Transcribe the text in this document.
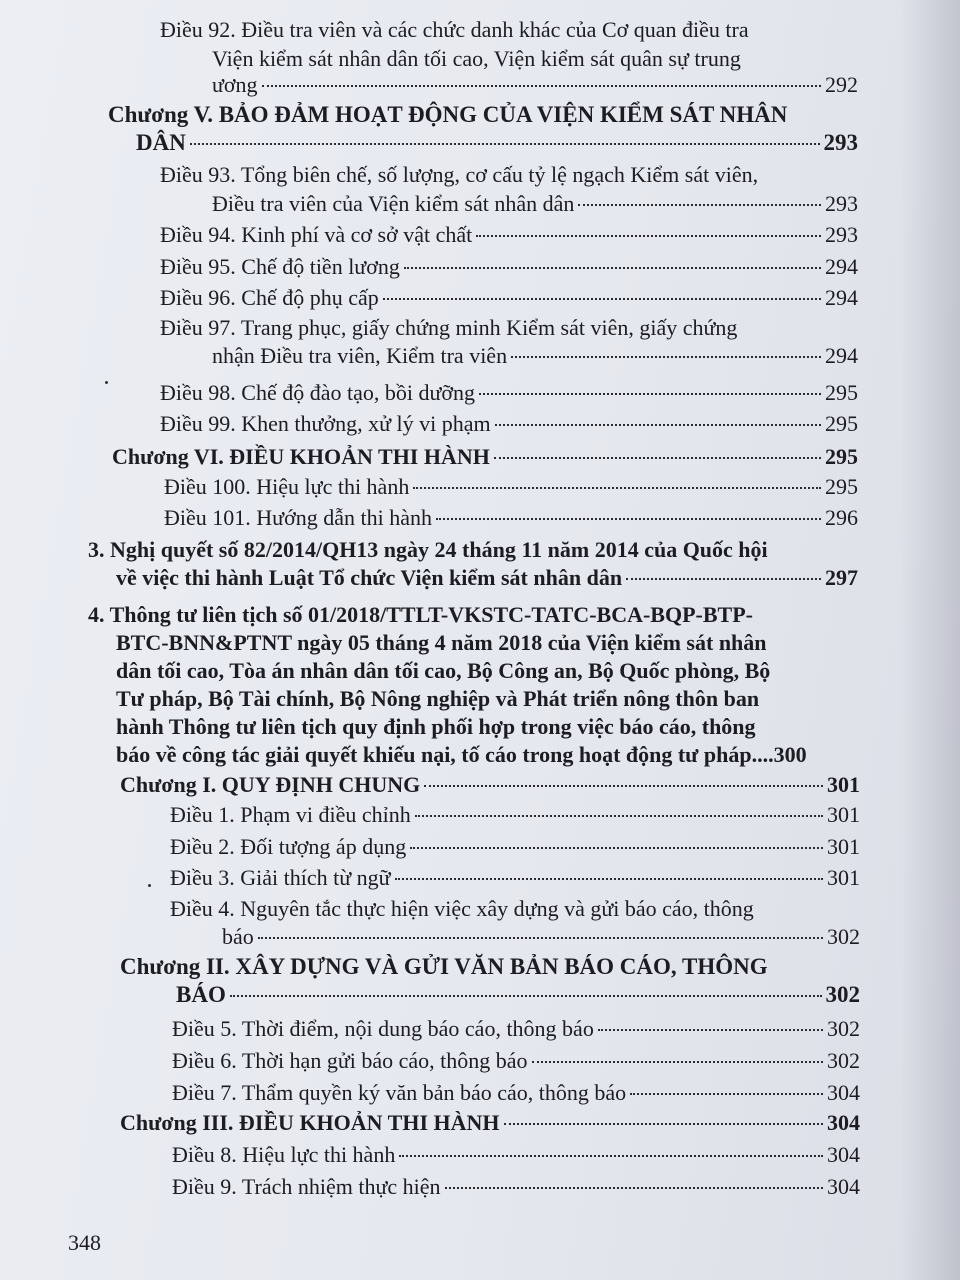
Điều 92. Điều tra viên và các chức danh khác của Cơ quan điều tra
Viện kiểm sát nhân dân tối cao, Viện kiểm sát quân sự trung
ương	292
Chương V. BẢO ĐẢM HOẠT ĐỘNG CỦA VIỆN KIỂM SÁT NHÂN
DÂN	293
Điều 93. Tổng biên chế, số lượng, cơ cấu tỷ lệ ngạch Kiểm sát viên,
Điều tra viên của Viện kiểm sát nhân dân	293
Điều 94. Kinh phí và cơ sở vật chất	293
Điều 95. Chế độ tiền lương	294
Điều 96. Chế độ phụ cấp	294
Điều 97. Trang phục, giấy chứng minh Kiểm sát viên, giấy chứng
nhận Điều tra viên, Kiểm tra viên	294
Điều 98. Chế độ đào tạo, bồi dưỡng	295
Điều 99. Khen thưởng, xử lý vi phạm	295
Chương VI. ĐIỀU KHOẢN THI HÀNH	295
Điều 100. Hiệu lực thi hành	295
Điều 101. Hướng dẫn thi hành	296
3. Nghị quyết số 82/2014/QH13 ngày 24 tháng 11 năm 2014 của Quốc hội
về việc thi hành Luật Tổ chức Viện kiểm sát nhân dân	297
4. Thông tư liên tịch số 01/2018/TTLT-VKSTC-TATC-BCA-BQP-BTP-
BTC-BNN&PTNT ngày 05 tháng 4 năm 2018 của Viện kiểm sát nhân
dân tối cao, Tòa án nhân dân tối cao, Bộ Công an, Bộ Quốc phòng, Bộ
Tư pháp, Bộ Tài chính, Bộ Nông nghiệp và Phát triển nông thôn ban
hành Thông tư liên tịch quy định phối hợp trong việc báo cáo, thông
báo về công tác giải quyết khiếu nại, tố cáo trong hoạt động tư pháp.... 300
Chương I. QUY ĐỊNH CHUNG	301
Điều 1. Phạm vi điều chỉnh	301
Điều 2. Đối tượng áp dụng	301
Điều 3. Giải thích từ ngữ	301
Điều 4. Nguyên tắc thực hiện việc xây dựng và gửi báo cáo, thông
báo	302
Chương II. XÂY DỰNG VÀ GỬI VĂN BẢN BÁO CÁO, THÔNG
BÁO	302
Điều 5. Thời điểm, nội dung báo cáo, thông báo	302
Điều 6. Thời hạn gửi báo cáo, thông báo	302
Điều 7. Thẩm quyền ký văn bản báo cáo, thông báo	304
Chương III. ĐIỀU KHOẢN THI HÀNH	304
Điều 8. Hiệu lực thi hành	304
Điều 9. Trách nhiệm thực hiện	304
348
